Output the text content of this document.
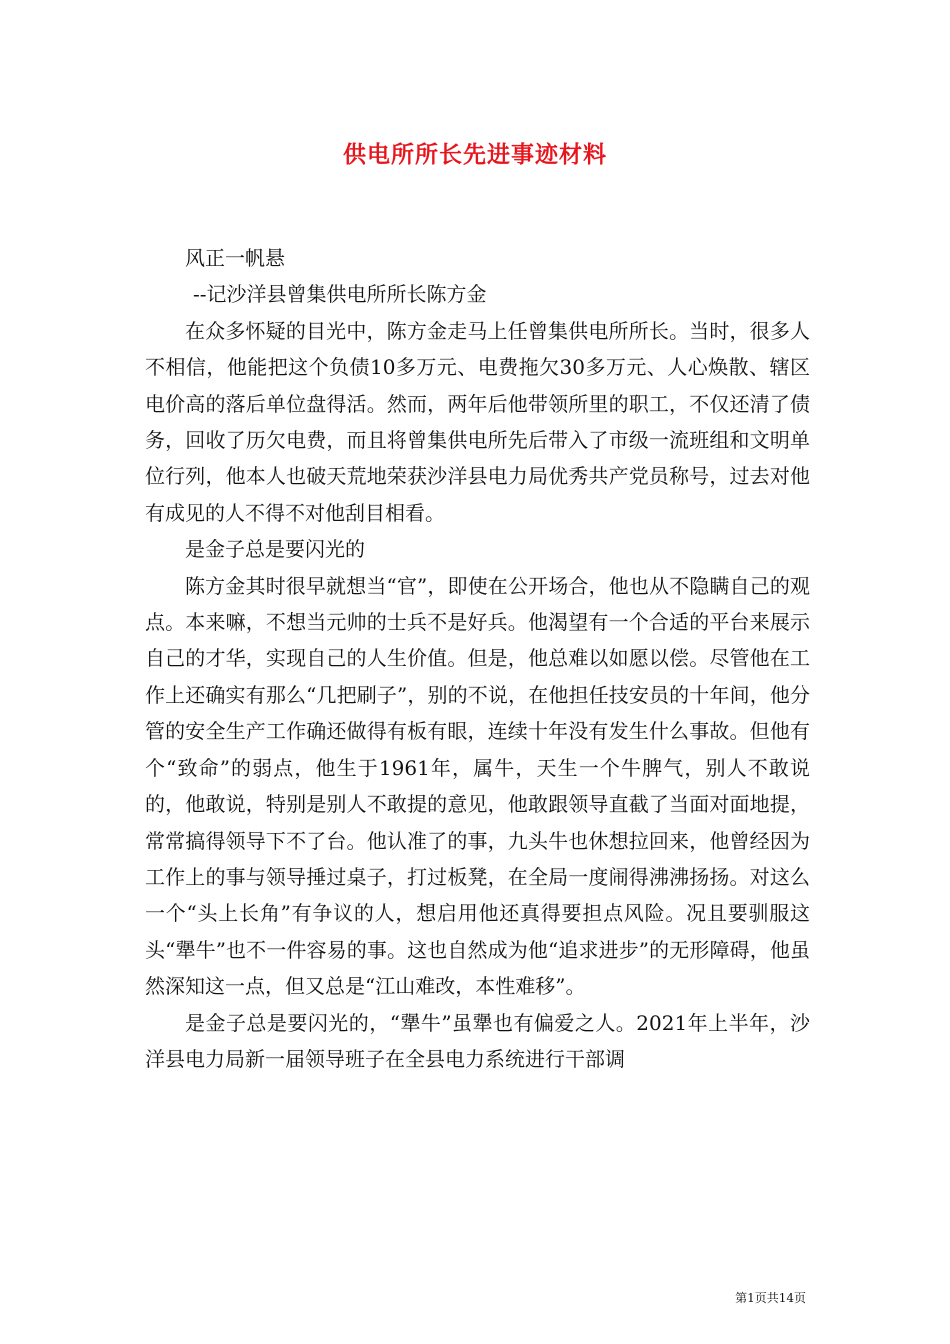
供电所所长先进事迹材料

风正一帆悬

--记沙洋县曾集供电所所长陈方金

在众多怀疑的目光中，陈方金走马上任曾集供电所所长。当时，很多人不相信，他能把这个负债10多万元、电费拖欠30多万元、人心焕散、辖区电价高的落后单位盘得活。然而，两年后他带领所里的职工，不仅还清了债务，回收了历欠电费，而且将曾集供电所先后带入了市级一流班组和文明单位行列，他本人也破天荒地荣获沙洋县电力局优秀共产党员称号，过去对他有成见的人不得不对他刮目相看。

是金子总是要闪光的

陈方金其时很早就想当“官”，即使在公开场合，他也从不隐瞒自己的观点。本来嘛，不想当元帅的士兵不是好兵。他渴望有一个合适的平台来展示自己的才华，实现自己的人生价值。但是，他总难以如愿以偿。尽管他在工作上还确实有那么“几把刷子”，别的不说，在他担任技安员的十年间，他分管的安全生产工作确还做得有板有眼，连续十年没有发生什么事故。但他有个“致命”的弱点，他生于1961年，属牛，天生一个牛脾气，别人不敢说的，他敢说，特别是别人不敢提的意见，他敢跟领导直截了当面对面地提，常常搞得领导下不了台。他认准了的事，九头牛也休想拉回来，他曾经因为工作上的事与领导捶过桌子，打过板凳，在全局一度闹得沸沸扬扬。对这么一个“头上长角”有争议的人，想启用他还真得要担点风险。况且要驯服这头“犟牛”也不一件容易的事。这也自然成为他“追求进步”的无形障碍，他虽然深知这一点，但又总是“江山难改，本性难移”。

是金子总是要闪光的，“犟牛”虽犟也有偏爱之人。2021年上半年，沙洋县电力局新一届领导班子在全县电力系统进行干部调

第1页共14页
